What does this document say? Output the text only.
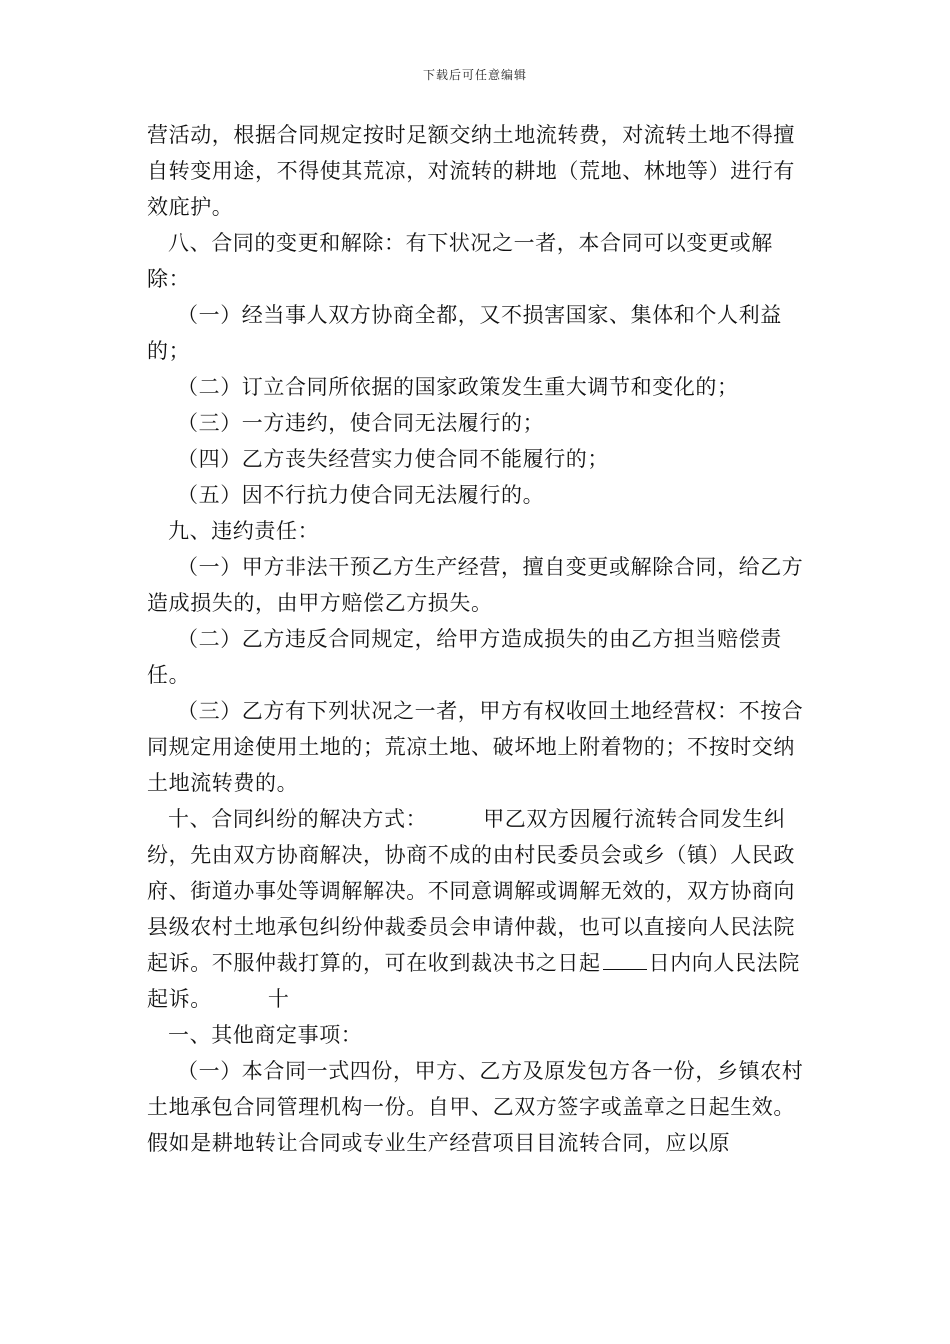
下载后可任意编辑

营活动，根据合同规定按时足额交纳土地流转费，对流转土地不得擅自转变用途，不得使其荒凉，对流转的耕地（荒地、林地等）进行有效庇护。

八、合同的变更和解除：有下状况之一者，本合同可以变更或解除：

（一）经当事人双方协商全都，又不损害国家、集体和个人利益的；

（二）订立合同所依据的国家政策发生重大调节和变化的；

（三）一方违约，使合同无法履行的；

（四）乙方丧失经营实力使合同不能履行的；

（五）因不行抗力使合同无法履行的。

九、违约责任：

（一）甲方非法干预乙方生产经营，擅自变更或解除合同，给乙方造成损失的，由甲方赔偿乙方损失。

（二）乙方违反合同规定，给甲方造成损失的由乙方担当赔偿责任。

（三）乙方有下列状况之一者，甲方有权收回土地经营权：不按合同规定用途使用土地的；荒凉土地、破坏地上附着物的；不按时交纳土地流转费的。

十、合同纠纷的解决方式：	甲乙双方因履行流转合同发生纠纷，先由双方协商解决，协商不成的由村民委员会或乡（镇）人民政府、街道办事处等调解解决。不同意调解或调解无效的，双方协商向县级农村土地承包纠纷仲裁委员会申请仲裁，也可以直接向人民法院起诉。不服仲裁打算的，可在收到裁决书之日起 日内向人民法院起诉。	十

一、其他商定事项：

（一）本合同一式四份，甲方、乙方及原发包方各一份，乡镇农村土地承包合同管理机构一份。自甲、乙双方签字或盖章之日起生效。假如是耕地转让合同或专业生产经营项目目流转合同，应以原
